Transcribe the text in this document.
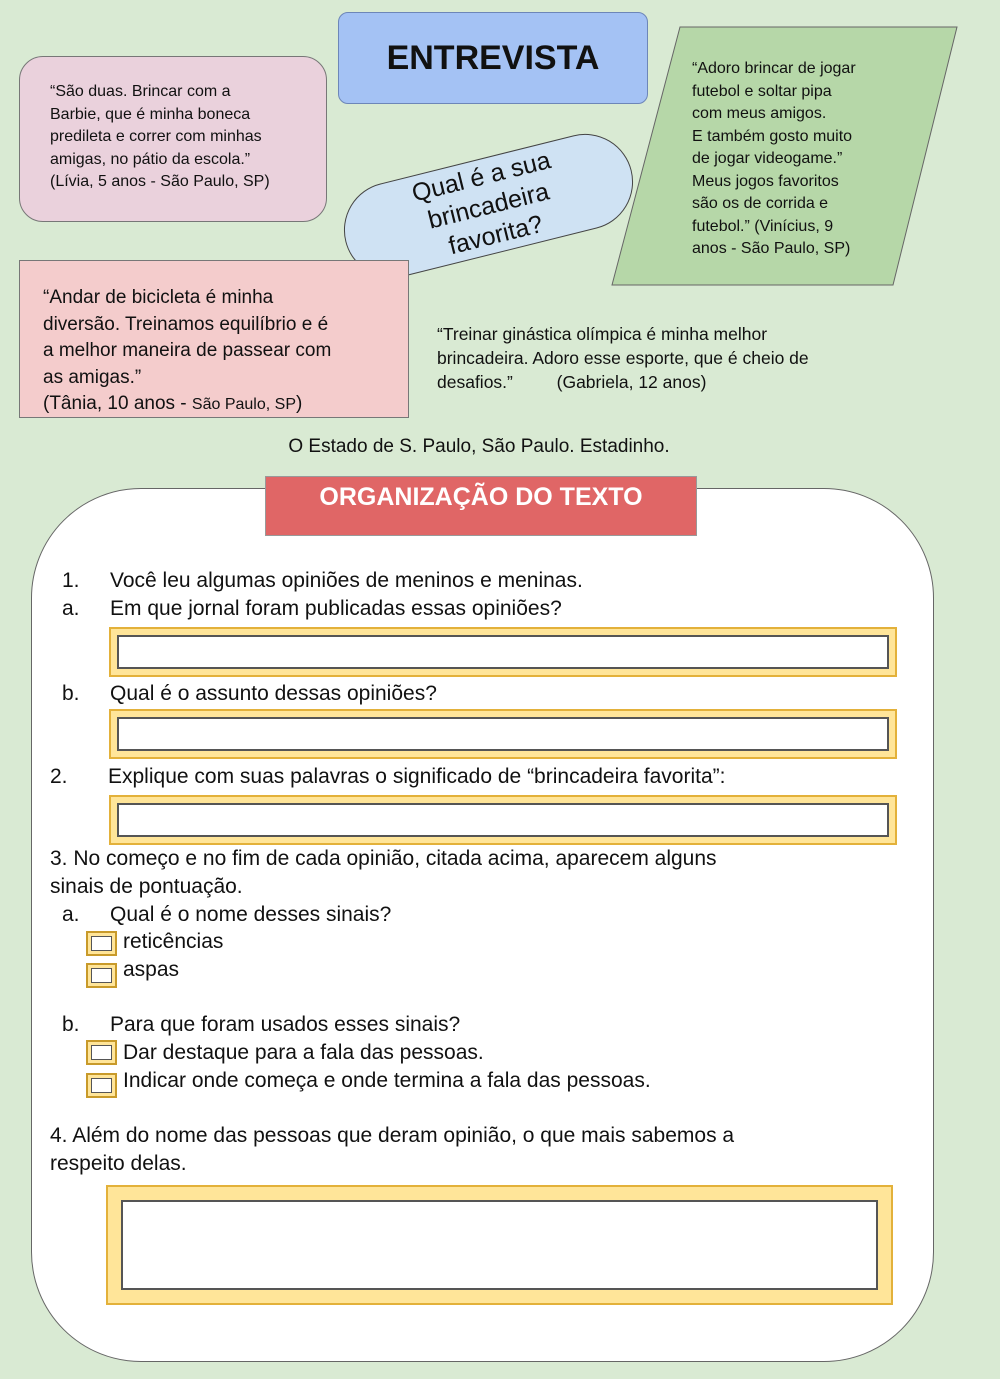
ENTREVISTA
“São duas. Brincar com a
Barbie, que é minha boneca
predileta e correr com minhas
amigas, no pátio da escola.”
(Lívia, 5 anos - São Paulo, SP)
“Adoro brincar de jogar
futebol e soltar pipa
com meus amigos.
E também gosto muito
de jogar videogame.”
Meus jogos favoritos
são os de corrida e
futebol.” (Vinícius, 9
anos - São Paulo, SP)
Qual é a sua brincadeira favorita?
“Andar de bicicleta é minha
diversão. Treinamos equilíbrio e é
a melhor maneira de passear com
as amigas.”
(Tânia, 10 anos - São Paulo, SP)
“Treinar ginástica olímpica é minha melhor
brincadeira. Adoro esse esporte, que é cheio de
desafios.”         (Gabriela, 12 anos)
O Estado de S. Paulo, São Paulo. Estadinho.
ORGANIZAÇÃO DO TEXTO
1. Você leu algumas opiniões de meninos e meninas.
a. Em que jornal foram publicadas essas opiniões?
b. Qual é o assunto dessas opiniões?
2. Explique com suas palavras o significado de “brincadeira favorita”:
3. No começo e no fim de cada opinião, citada acima, aparecem alguns
sinais de pontuação.
a. Qual é o nome desses sinais?
reticências
aspas
b. Para que foram usados esses sinais?
Dar destaque para a fala das pessoas.
Indicar onde começa e onde termina a fala das pessoas.
4. Além do nome das pessoas que deram opinião, o que mais sabemos a
respeito delas.
